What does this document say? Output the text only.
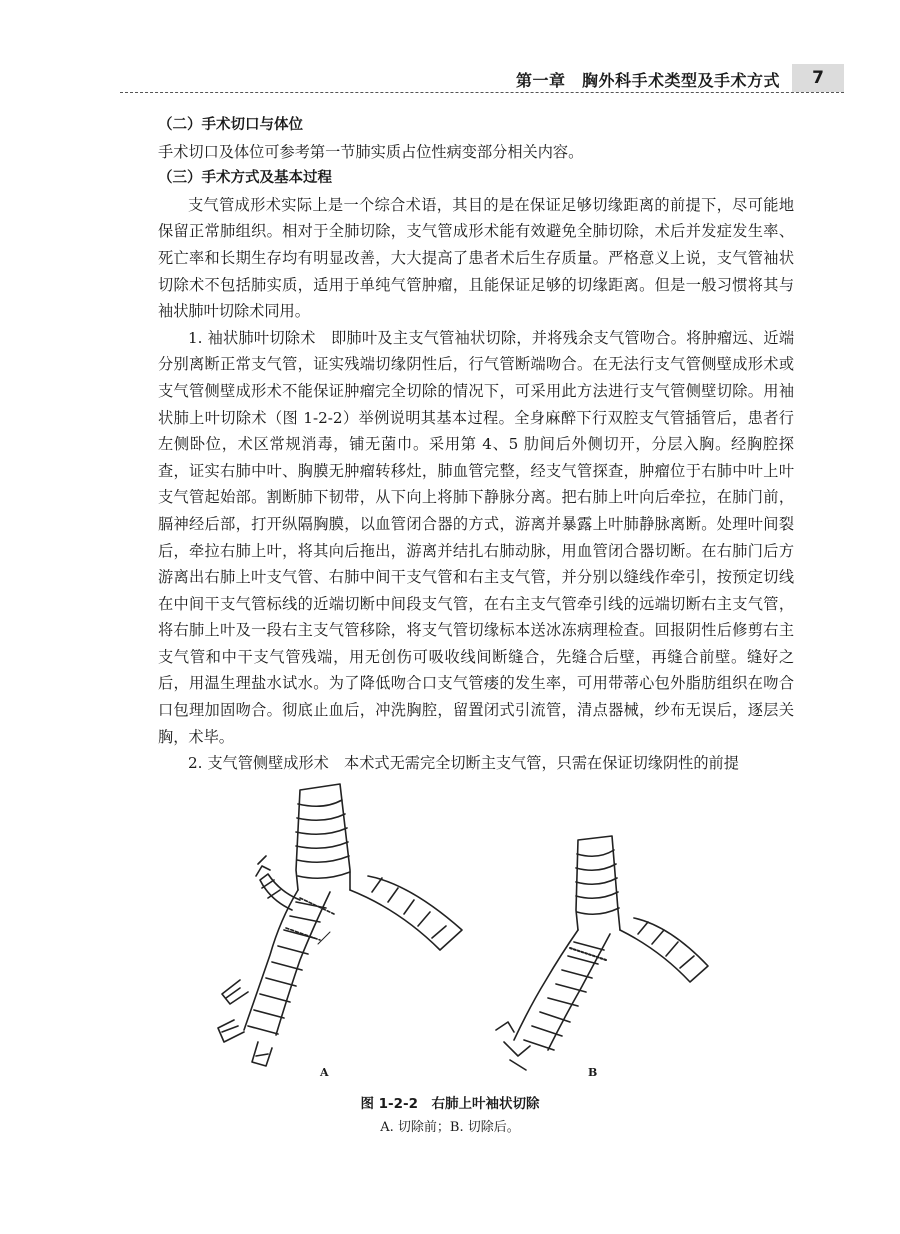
第一章　胸外科手术类型及手术方式	7

（二）手术切口与体位

手术切口及体位可参考第一节肺实质占位性病变部分相关内容。

（三）手术方式及基本过程

支气管成形术实际上是一个综合术语，其目的是在保证足够切缘距离的前提下，尽可能地保留正常肺组织。相对于全肺切除，支气管成形术能有效避免全肺切除，术后并发症发生率、死亡率和长期生存均有明显改善，大大提高了患者术后生存质量。严格意义上说，支气管袖状切除术不包括肺实质，适用于单纯气管肿瘤，且能保证足够的切缘距离。但是一般习惯将其与袖状肺叶切除术同用。

1. 袖状肺叶切除术　即肺叶及主支气管袖状切除，并将残余支气管吻合。将肿瘤远、近端分别离断正常支气管，证实残端切缘阴性后，行气管断端吻合。在无法行支气管侧壁成形术或支气管侧壁成形术不能保证肿瘤完全切除的情况下，可采用此方法进行支气管侧壁切除。用袖状肺上叶切除术（图 1-2-2）举例说明其基本过程。全身麻醉下行双腔支气管插管后，患者行左侧卧位，术区常规消毒，铺无菌巾。采用第 4、5 肋间后外侧切开，分层入胸。经胸腔探查，证实右肺中叶、胸膜无肿瘤转移灶，肺血管完整，经支气管探查，肿瘤位于右肺中叶上叶支气管起始部。割断肺下韧带，从下向上将肺下静脉分离。把右肺上叶向后牵拉，在肺门前，膈神经后部，打开纵隔胸膜，以血管闭合器的方式，游离并暴露上叶肺静脉离断。处理叶间裂后，牵拉右肺上叶，将其向后拖出，游离并结扎右肺动脉，用血管闭合器切断。在右肺门后方游离出右肺上叶支气管、右肺中间干支气管和右主支气管，并分别以缝线作牵引，按预定切线在中间干支气管标线的近端切断中间段支气管，在右主支气管牵引线的远端切断右主支气管，将右肺上叶及一段右主支气管移除，将支气管切缘标本送冰冻病理检查。回报阴性后修剪右主支气管和中干支气管残端，用无创伤可吸收线间断缝合，先缝合后壁，再缝合前壁。缝好之后，用温生理盐水试水。为了降低吻合口支气管瘘的发生率，可用带蒂心包外脂肪组织在吻合口包理加固吻合。彻底止血后，冲洗胸腔，留置闭式引流管，清点器械，纱布无误后，逐层关胸，术毕。

2. 支气管侧壁成形术　本术式无需完全切断主支气管，只需在保证切缘阴性的前提

A	B
图 1-2-2　右肺上叶袖状切除
A. 切除前；B. 切除后。
